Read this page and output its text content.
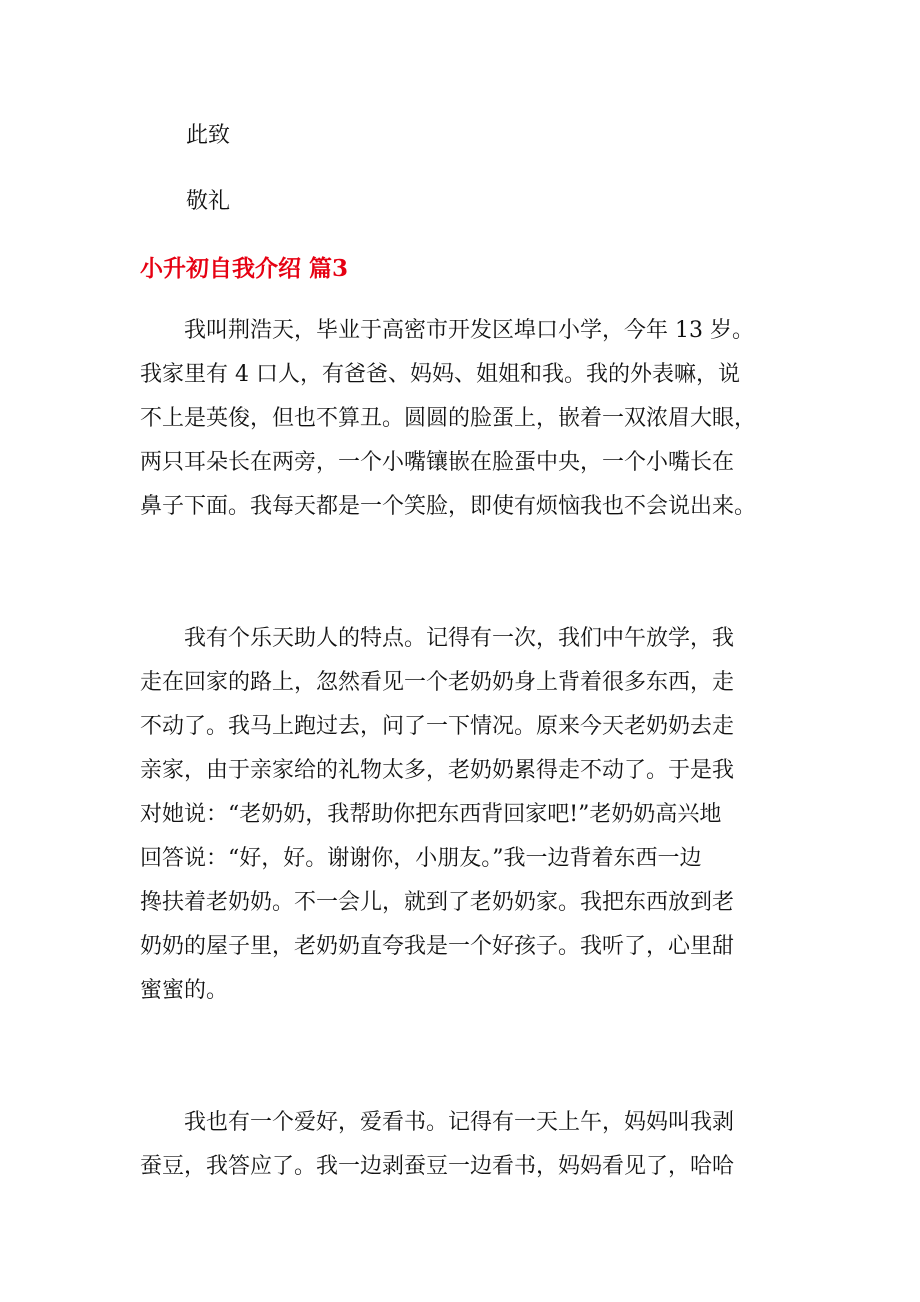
此致

敬礼

小升初自我介绍 篇3
我叫荆浩天，毕业于高密市开发区埠口小学，今年 13 岁。
我家里有 4 口人，有爸爸、妈妈、姐姐和我。我的外表嘛，说
不上是英俊，但也不算丑。圆圆的脸蛋上，嵌着一双浓眉大眼，
两只耳朵长在两旁，一个小嘴镶嵌在脸蛋中央，一个小嘴长在
鼻子下面。我每天都是一个笑脸，即使有烦恼我也不会说出来。
我有个乐天助人的特点。记得有一次，我们中午放学，我
走在回家的路上，忽然看见一个老奶奶身上背着很多东西，走
不动了。我马上跑过去，问了一下情况。原来今天老奶奶去走
亲家，由于亲家给的礼物太多，老奶奶累得走不动了。于是我
对她说：“老奶奶，我帮助你把东西背回家吧!”老奶奶高兴地
回答说：“好，好。谢谢你，小朋友。”我一边背着东西一边
搀扶着老奶奶。不一会儿，就到了老奶奶家。我把东西放到老
奶奶的屋子里，老奶奶直夸我是一个好孩子。我听了，心里甜
蜜蜜的。
我也有一个爱好，爱看书。记得有一天上午，妈妈叫我剥
蚕豆，我答应了。我一边剥蚕豆一边看书，妈妈看见了，哈哈
